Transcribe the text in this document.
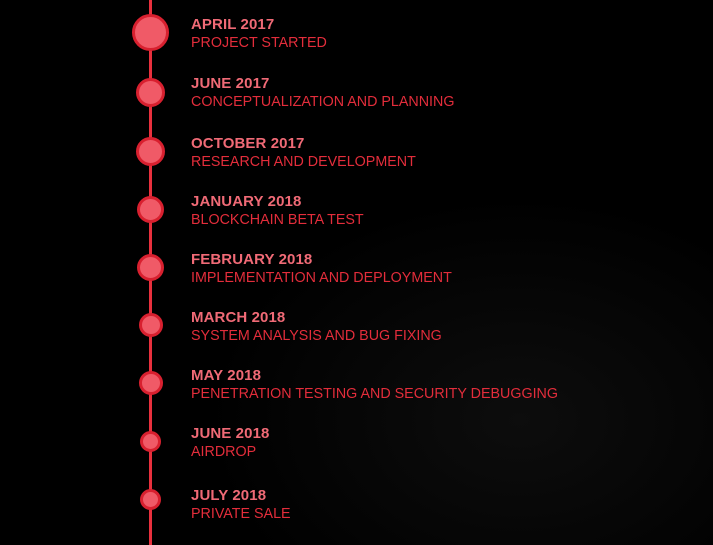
APRIL 2017
PROJECT STARTED
JUNE 2017
CONCEPTUALIZATION AND PLANNING
OCTOBER 2017
RESEARCH AND DEVELOPMENT
JANUARY 2018
BLOCKCHAIN BETA TEST
FEBRUARY 2018
IMPLEMENTATION AND DEPLOYMENT
MARCH 2018
SYSTEM ANALYSIS AND BUG FIXING
MAY 2018
PENETRATION TESTING AND SECURITY DEBUGGING
JUNE 2018
AIRDROP
JULY 2018
PRIVATE SALE
